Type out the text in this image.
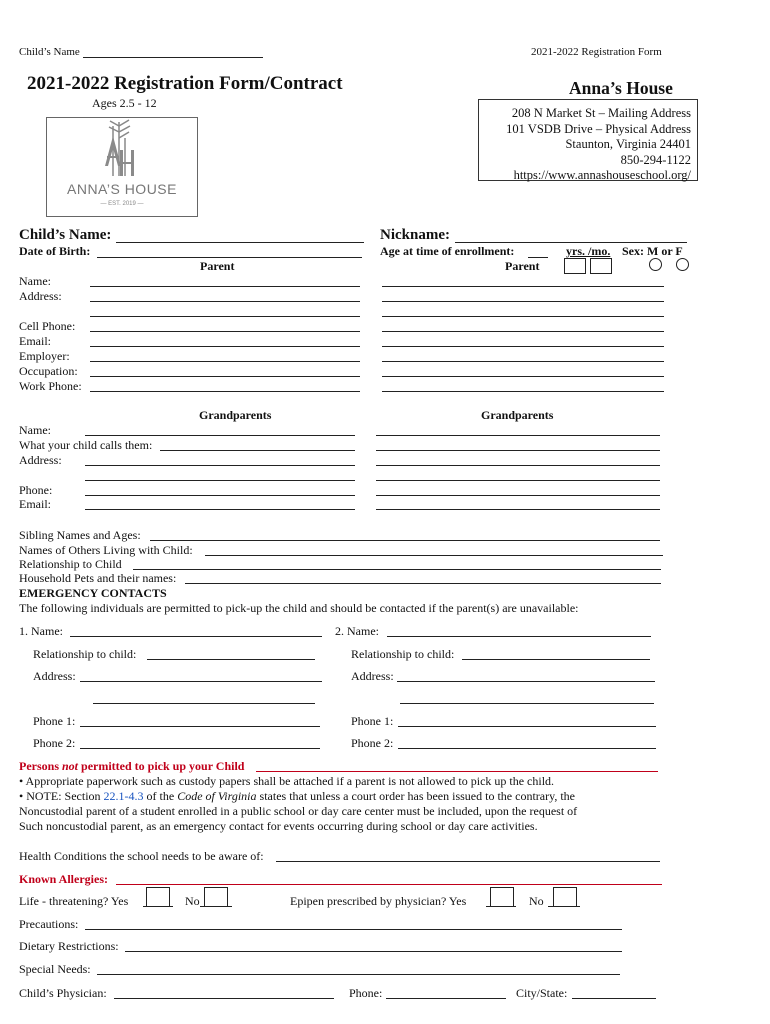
Child’s Name	2021-2022 Registration Form
2021-2022 Registration Form/Contract
Ages 2.5 - 12
Anna’s House
208 N Market St – Mailing Address
101 VSDB Drive – Physical Address
Staunton, Virginia 24401
850-294-1122
https://www.annashouseschool.org/
ANNA’S HOUSE
— EST. 2019 —
Child’s Name:	Nickname:
Date of Birth:	Age at time of enrollment:	yrs. /mo. Sex: M or F
Parent	Parent
Name:
Address:
Cell Phone:
Email:
Employer:
Occupation:
Work Phone:
Grandparents	Grandparents
Name:
What your child calls them:
Address:
Phone:
Email:
Sibling Names and Ages:
Names of Others Living with Child:
Relationship to Child
Household Pets and their names:
EMERGENCY CONTACTS
The following individuals are permitted to pick-up the child and should be contacted if the parent(s) are unavailable:
1. Name:	2. Name:
Relationship to child:	Relationship to child:
Address:	Address:
Phone 1:	Phone 1:
Phone 2:	Phone 2:
Persons not permitted to pick up your Child
• Appropriate paperwork such as custody papers shall be attached if a parent is not allowed to pick up the child.
• NOTE: Section 22.1-4.3 of the Code of Virginia states that unless a court order has been issued to the contrary, the
Noncustodial parent of a student enrolled in a public school or day care center must be included, upon the request of
Such noncustodial parent, as an emergency contact for events occurring during school or day care activities.
Health Conditions the school needs to be aware of:
Known Allergies:
Life - threatening? Yes	No	Epipen prescribed by physician? Yes	No
Precautions:
Dietary Restrictions:
Special Needs:
Child’s Physician:	Phone:	City/State:
